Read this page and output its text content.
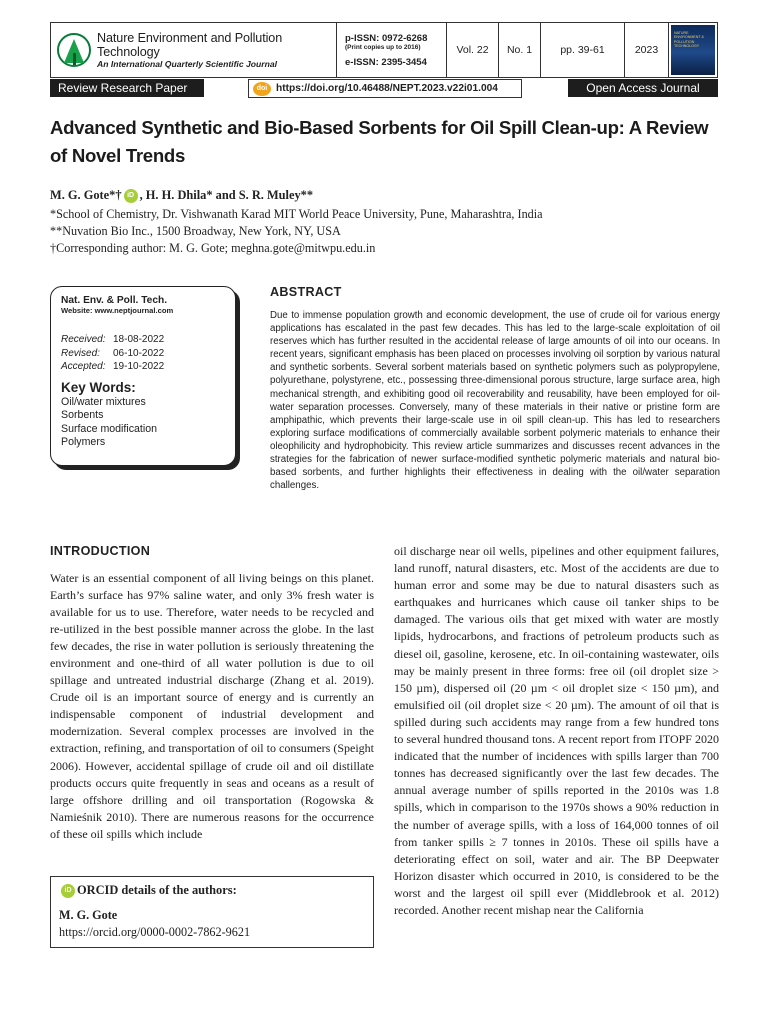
Nature Environment and Pollution Technology
An International Quarterly Scientific Journal
p-ISSN: 0972-6268
(Print copies up to 2016)
e-ISSN: 2395-3454
Vol. 22	No. 1	pp. 39-61	2023
NATURE ENVIRONMENT & POLLUTION TECHNOLOGY
Review Research Paper	doi https://doi.org/10.46488/NEPT.2023.v22i01.004	Open Access Journal
Advanced Synthetic and Bio-Based Sorbents for Oil Spill Clean-up: A Review of Novel Trends
M. G. Gote*† iD , H. H. Dhila* and S. R. Muley**
*School of Chemistry, Dr. Vishwanath Karad MIT World Peace University, Pune, Maharashtra, India
**Nuvation Bio Inc., 1500 Broadway, New York, NY, USA
†Corresponding author: M. G. Gote; meghna.gote@mitwpu.edu.in
Nat. Env. & Poll. Tech.
Website: www.neptjournal.com
Received: 18-08-2022
Revised: 06-10-2022
Accepted: 19-10-2022
Key Words:
Oil/water mixtures
Sorbents
Surface modification
Polymers
ABSTRACT
Due to immense population growth and economic development, the use of crude oil for various energy applications has escalated in the past few decades. This has led to the large-scale exploitation of oil reserves which has further resulted in the accidental release of large amounts of oil into our oceans. In recent years, significant emphasis has been placed on processes involving oil sorption by various natural and synthetic sorbents. Several sorbent materials based on synthetic polymers such as polypropylene, polyurethane, polystyrene, etc., possessing three-dimensional porous structure, large surface area, high mechanical strength, and exhibiting good oil recoverability and reusability, have been employed for oil-water separation processes. Conversely, many of these materials in their native or pristine form are amphipathic, which prevents their large-scale use in oil spill clean-up. This has led to researchers exploring surface modifications of commercially available sorbent polymeric materials to enhance their oleophilicity and hydrophobicity. This review article summarizes and discusses recent advances in the strategies for the fabrication of newer surface-modified synthetic polymeric materials and natural bio-based sorbents, and further highlights their effectiveness in dealing with the oil/water separation challenges.
INTRODUCTION
Water is an essential component of all living beings on this planet. Earth’s surface has 97% saline water, and only 3% fresh water is available for us to use. Therefore, water needs to be recycled and re-utilized in the best possible manner across the globe. In the last few decades, the rise in water pollution is seriously threatening the environment and one-third of all water pollution is due to oil spillage and untreated industrial discharge (Zhang et al. 2019). Crude oil is an important source of energy and is currently an indispensable component of industrial development and modernization. Several complex processes are involved in the extraction, refining, and transportation of oil to consumers (Speight 2006). However, accidental spillage of crude oil and oil distillate products occurs quite frequently in seas and oceans as a result of large offshore drilling and oil transportation (Rogowska & Namieśnik 2010). There are numerous reasons for the occurrence of these oil spills which include
oil discharge near oil wells, pipelines and other equipment failures, land runoff, natural disasters, etc. Most of the accidents are due to human error and some may be due to natural disasters such as earthquakes and hurricanes which cause oil tanker ships to be damaged. The various oils that get mixed with water are mostly lipids, hydrocarbons, and fractions of petroleum products such as diesel oil, gasoline, kerosene, etc. In oil-containing wastewater, oils may be mainly present in three forms: free oil (oil droplet size > 150 µm), dispersed oil (20 µm < oil droplet size < 150 µm), and emulsified oil (oil droplet size < 20 µm). The amount of oil that is spilled during such accidents may range from a few hundred tons to several hundred thousand tons. A recent report from ITOPF 2020 indicated that the number of incidences with spills larger than 700 tonnes has decreased significantly over the last few decades. The annual average number of spills reported in the 2010s was 1.8 spills, which in comparison to the 1970s shows a 90% reduction in the number of average spills, with a loss of 164,000 tonnes of oil from tanker spills ≥ 7 tonnes in 2010s. These oil spills have a deteriorating effect on soil, water and air. The BP Deepwater Horizon disaster which occurred in 2010, is considered to be the worst and the largest oil spill ever (Middlebrook et al. 2012) recorded. Another recent mishap near the California
iD ORCID details of the authors:
M. G. Gote
https://orcid.org/0000-0002-7862-9621
